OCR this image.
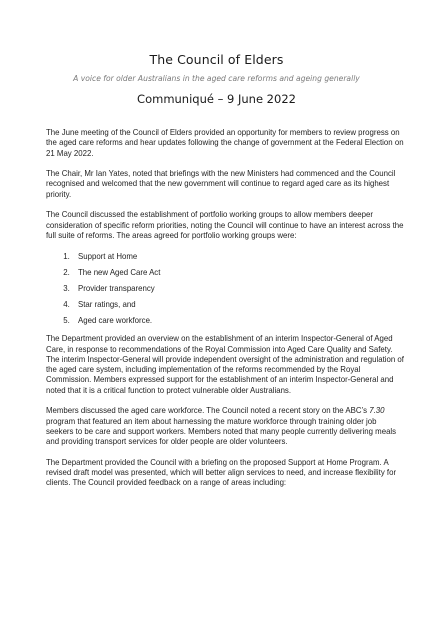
The Council of Elders
A voice for older Australians in the aged care reforms and ageing generally
Communiqué – 9 June 2022

The June meeting of the Council of Elders provided an opportunity for members to review progress on the aged care reforms and hear updates following the change of government at the Federal Election on 21 May 2022.

The Chair, Mr Ian Yates, noted that briefings with the new Ministers had commenced and the Council recognised and welcomed that the new government will continue to regard aged care as its highest priority.

The Council discussed the establishment of portfolio working groups to allow members deeper consideration of specific reform priorities, noting the Council will continue to have an interest across the full suite of reforms. The areas agreed for portfolio working groups were:

1. Support at Home
2. The new Aged Care Act
3. Provider transparency
4. Star ratings, and
5. Aged care workforce.

The Department provided an overview on the establishment of an interim Inspector-General of Aged Care, in response to recommendations of the Royal Commission into Aged Care Quality and Safety. The interim Inspector-General will provide independent oversight of the administration and regulation of the aged care system, including implementation of the reforms recommended by the Royal Commission. Members expressed support for the establishment of an interim Inspector-General and noted that it is a critical function to protect vulnerable older Australians.

Members discussed the aged care workforce. The Council noted a recent story on the ABC’s 7.30 program that featured an item about harnessing the mature workforce through training older job seekers to be care and support workers. Members noted that many people currently delivering meals and providing transport services for older people are older volunteers.

The Department provided the Council with a briefing on the proposed Support at Home Program. A revised draft model was presented, which will better align services to need, and increase flexibility for clients. The Council provided feedback on a range of areas including:
